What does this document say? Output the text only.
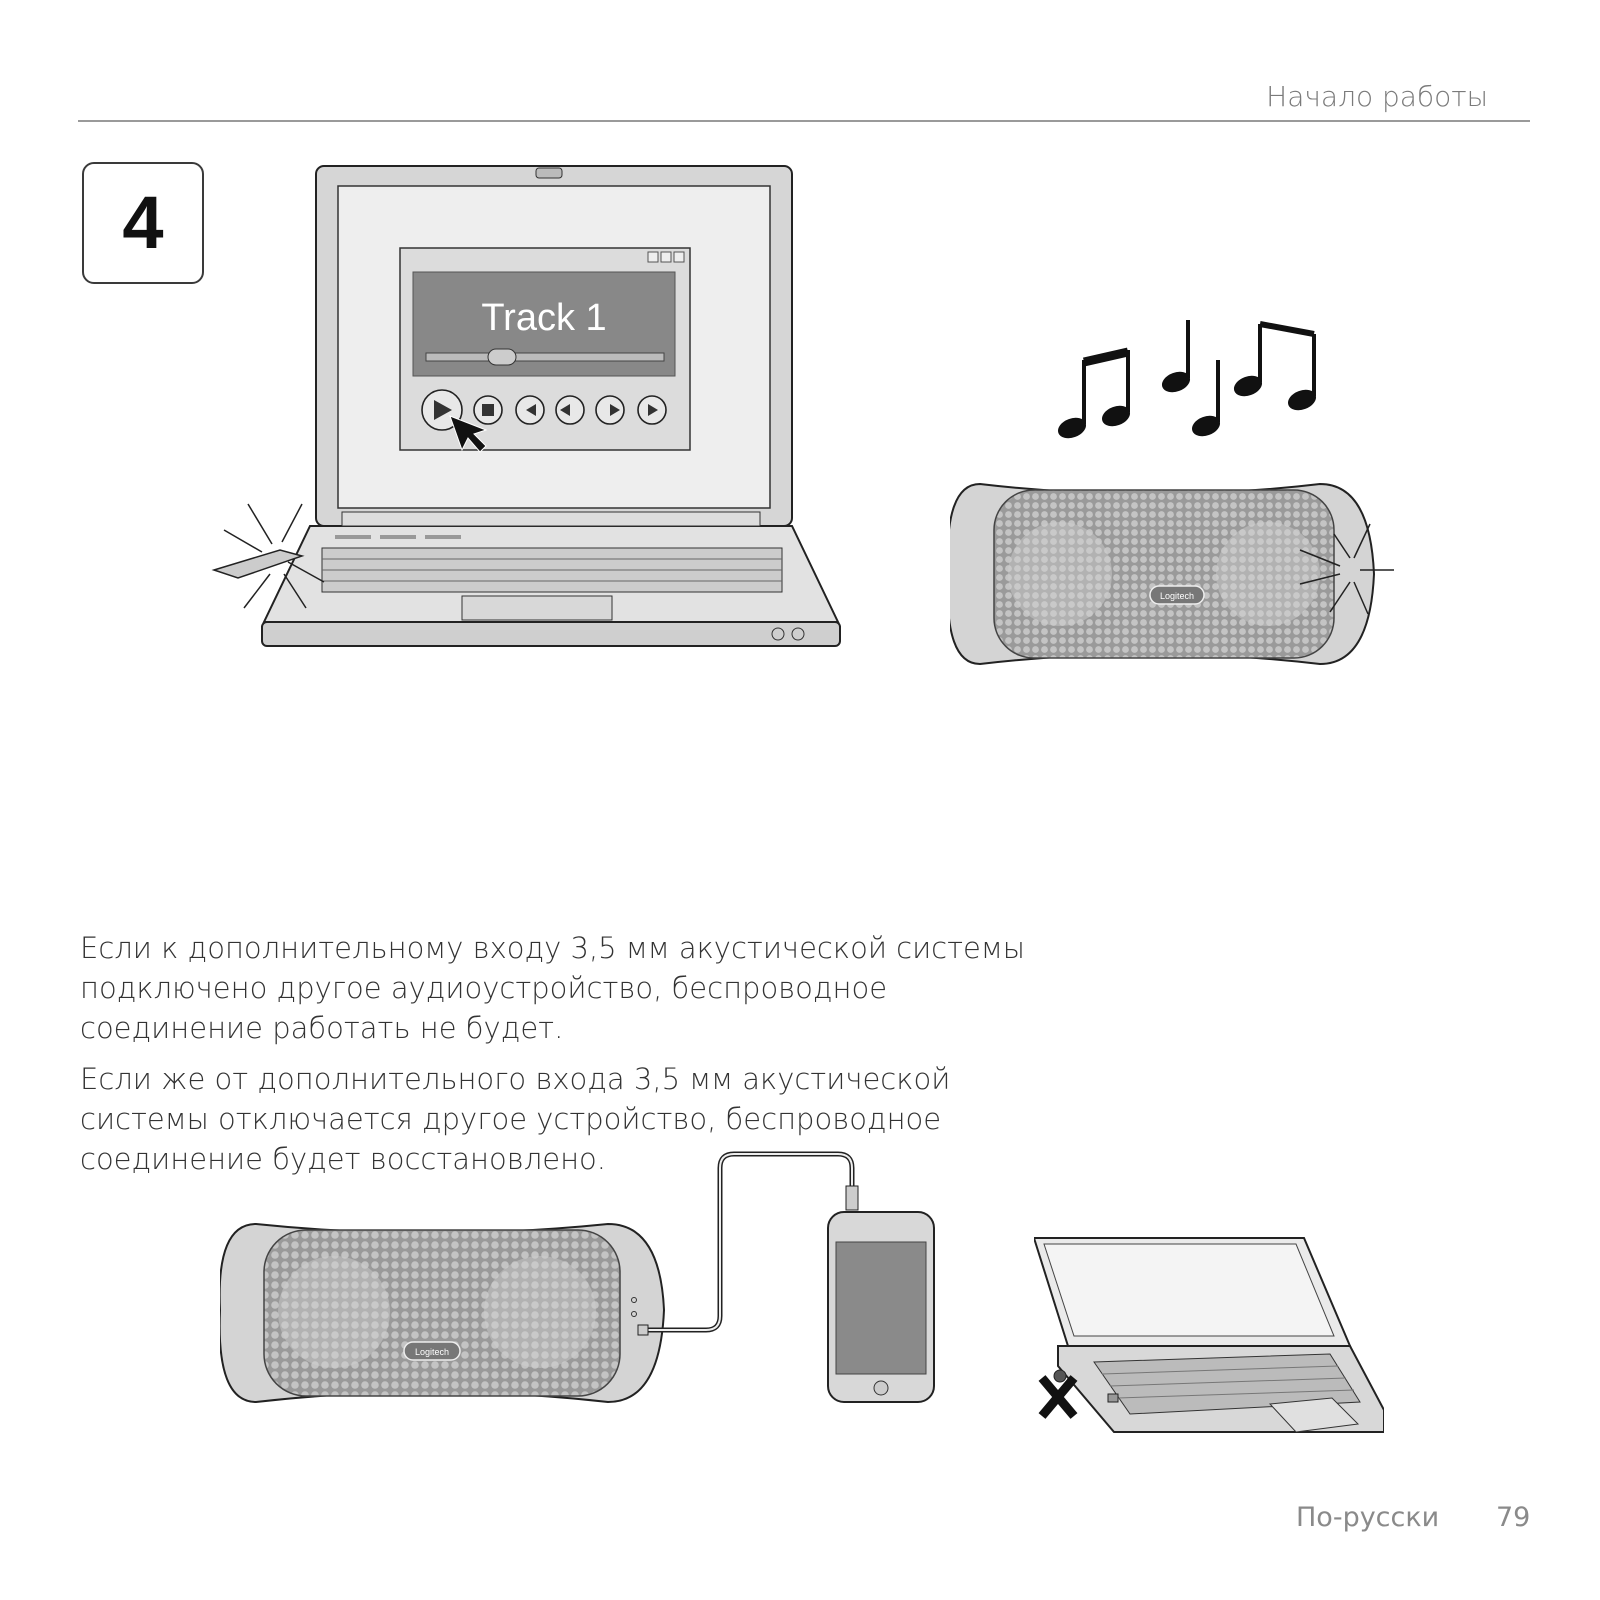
Начало работы
4
Track 1
Logitech
Если к дополнительному входу 3,5 мм акустической системы подключено другое аудиоустройство, беспроводное соединение работать не будет.
Если же от дополнительного входа 3,5 мм акустической системы отключается другое устройство, беспроводное соединение будет восстановлено.
Logitech
По-русски 79
